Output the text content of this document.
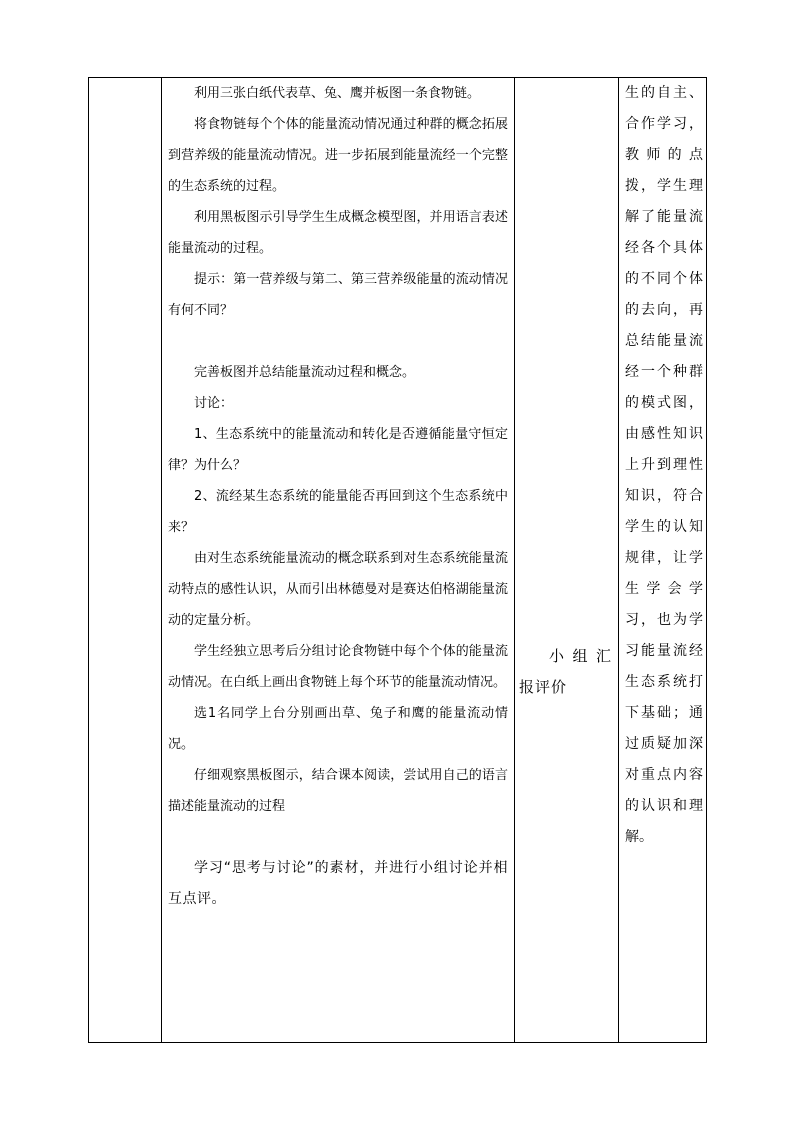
利用三张白纸代表草、兔、鹰并板图一条食物链。

将食物链每个个体的能量流动情况通过种群的概念拓展到营养级的能量流动情况。进一步拓展到能量流经一个完整的生态系统的过程。

利用黑板图示引导学生生成概念模型图，并用语言表述能量流动的过程。

提示：第一营养级与第二、第三营养级能量的流动情况有何不同？

完善板图并总结能量流动过程和概念。

讨论：

1、生态系统中的能量流动和转化是否遵循能量守恒定律？为什么？

2、流经某生态系统的能量能否再回到这个生态系统中来？

由对生态系统能量流动的概念联系到对生态系统能量流动特点的感性认识，从而引出林德曼对是赛达伯格湖能量流动的定量分析。

学生经独立思考后分组讨论食物链中每个个体的能量流动情况。在白纸上画出食物链上每个环节的能量流动情况。

选1名同学上台分别画出草、兔子和鹰的能量流动情况。

仔细观察黑板图示，结合课本阅读，尝试用自己的语言描述能量流动的过程

学习“思考与讨论”的素材，并进行小组讨论并相互点评。

小组汇报评价

生的自主、合作学习，教师的点拨，学生理解了能量流经各个具体的不同个体的去向，再总结能量流经一个种群的模式图，由感性知识上升到理性知识，符合学生的认知规律，让学生学会学习，也为学习能量流经生态系统打下基础；通过质疑加深对重点内容的认识和理解。
